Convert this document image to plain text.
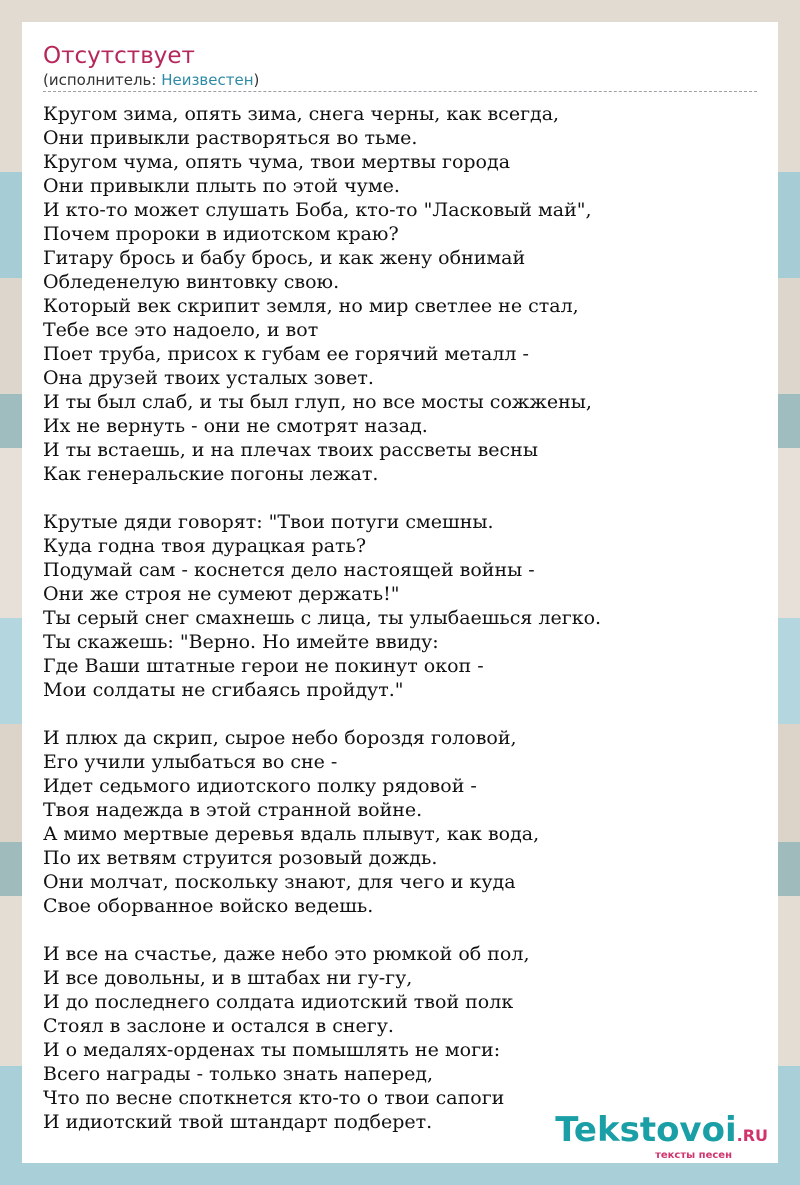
Отсутствует
(исполнитель: Неизвестен)
Кругом зима, опять зима, снега черны, как всегда,
Они привыкли растворяться во тьме.
Кругом чума, опять чума, твои мертвы города
Они привыкли плыть по этой чуме.
И кто-то может слушать Боба, кто-то "Ласковый май",
Почем пророки в идиотском краю?
Гитару брось и бабу брось, и как жену обнимай
Обледенелую винтовку свою.
Который век скрипит земля, но мир светлее не стал,
Тебе все это надоело, и вот
Поет труба, присох к губам ее горячий металл -
Она друзей твоих усталых зовет.
И ты был слаб, и ты был глуп, но все мосты сожжены,
Их не вернуть - они не смотрят назад.
И ты встаешь, и на плечах твоих рассветы весны
Как генеральские погоны лежат.
Крутые дяди говорят: "Твои потуги смешны.
Куда годна твоя дурацкая рать?
Подумай сам - коснется дело настоящей войны -
Они же строя не сумеют держать!"
Ты серый снег смахнешь с лица, ты улыбаешься легко.
Ты скажешь: "Верно. Но имейте ввиду:
Где Ваши штатные герои не покинут окоп -
Мои солдаты не сгибаясь пройдут."
И плюх да скрип, сырое небо бороздя головой,
Его учили улыбаться во сне -
Идет седьмого идиотского полку рядовой -
Твоя надежда в этой странной войне.
А мимо мертвые деревья вдаль плывут, как вода,
По их ветвям струится розовый дождь.
Они молчат, поскольку знают, для чего и куда
Свое оборванное войско ведешь.
И все на счастье, даже небо это рюмкой об пол,
И все довольны, и в штабах ни гу-гу,
И до последнего солдата идиотский твой полк
Стоял в заслоне и остался в снегу.
И о медалях-орденах ты помышлять не моги:
Всего награды - только знать наперед,
Что по весне споткнется кто-то о твои сапоги
И идиотский твой штандарт подберет.	Tekstovoi.RU
тексты песен
